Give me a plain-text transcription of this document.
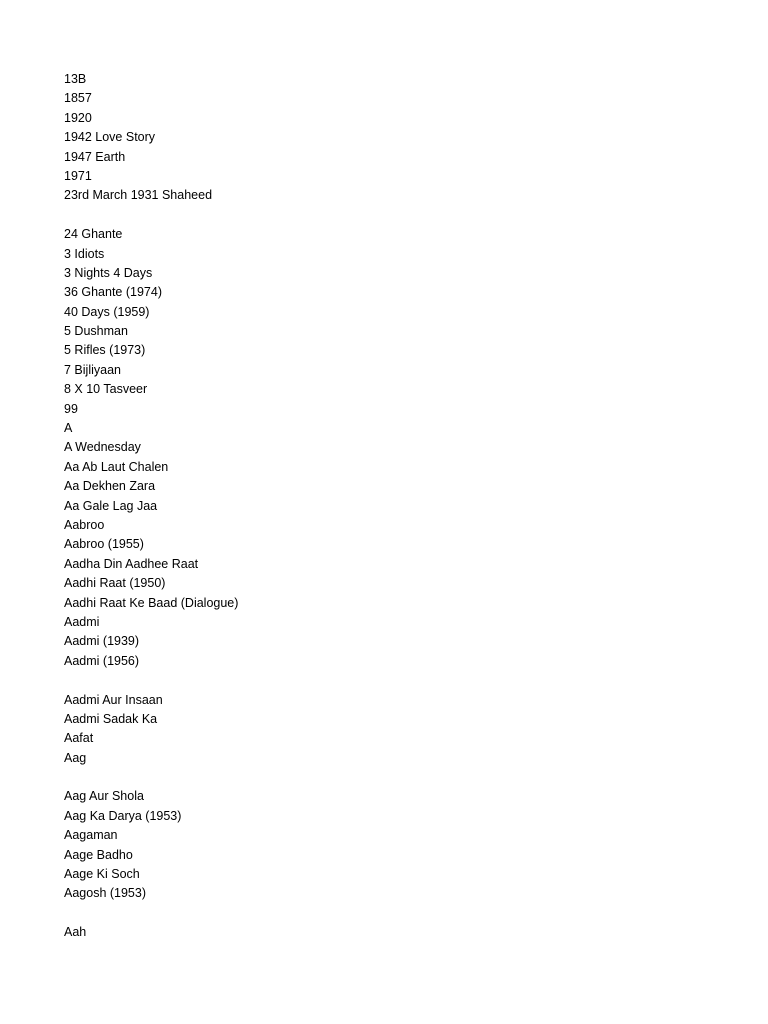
13B
1857
1920
1942 Love Story
1947 Earth
1971
23rd March 1931 Shaheed
24 Ghante
3 Idiots
3 Nights 4 Days
36 Ghante (1974)
40 Days (1959)
5 Dushman
5 Rifles (1973)
7 Bijliyaan
8 X 10 Tasveer
99
A
A Wednesday
Aa Ab Laut Chalen
Aa Dekhen Zara
Aa Gale Lag Jaa
Aabroo
Aabroo (1955)
Aadha Din Aadhee Raat
Aadhi Raat (1950)
Aadhi Raat Ke Baad (Dialogue)
Aadmi
Aadmi (1939)
Aadmi (1956)
Aadmi Aur Insaan
Aadmi Sadak Ka
Aafat
Aag
Aag Aur Shola
Aag Ka Darya (1953)
Aagaman
Aage Badho
Aage Ki Soch
Aagosh (1953)
Aah
